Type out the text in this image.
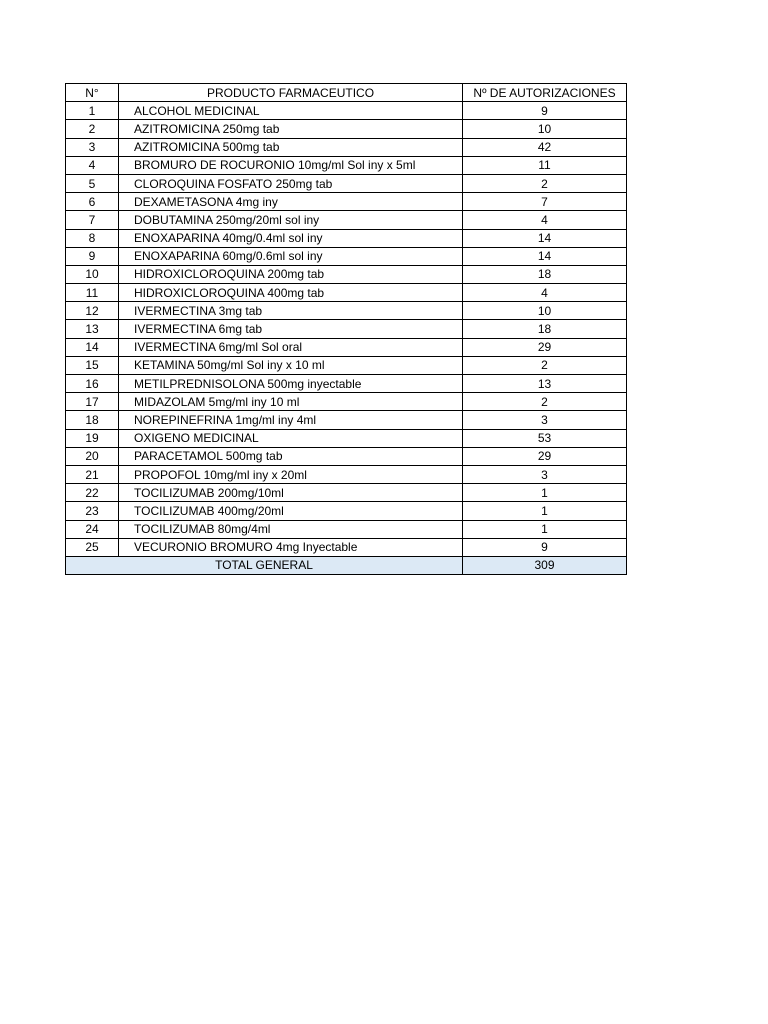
N°	PRODUCTO FARMACEUTICO	Nº DE AUTORIZACIONES
1	ALCOHOL MEDICINAL	9
2	AZITROMICINA 250mg tab	10
3	AZITROMICINA 500mg tab	42
4	BROMURO DE ROCURONIO 10mg/ml Sol iny x 5ml	11
5	CLOROQUINA FOSFATO 250mg tab	2
6	DEXAMETASONA 4mg iny	7
7	DOBUTAMINA 250mg/20ml sol iny	4
8	ENOXAPARINA 40mg/0.4ml sol iny	14
9	ENOXAPARINA 60mg/0.6ml sol iny	14
10	HIDROXICLOROQUINA 200mg tab	18
11	HIDROXICLOROQUINA 400mg tab	4
12	IVERMECTINA 3mg tab	10
13	IVERMECTINA 6mg tab	18
14	IVERMECTINA 6mg/ml Sol oral	29
15	KETAMINA 50mg/ml Sol iny x 10 ml	2
16	METILPREDNISOLONA 500mg inyectable	13
17	MIDAZOLAM 5mg/ml iny 10 ml	2
18	NOREPINEFRINA 1mg/ml iny 4ml	3
19	OXIGENO MEDICINAL	53
20	PARACETAMOL 500mg tab	29
21	PROPOFOL 10mg/ml iny x 20ml	3
22	TOCILIZUMAB 200mg/10ml	1
23	TOCILIZUMAB 400mg/20ml	1
24	TOCILIZUMAB 80mg/4ml	1
25	VECURONIO BROMURO 4mg Inyectable	9
TOTAL GENERAL		309
